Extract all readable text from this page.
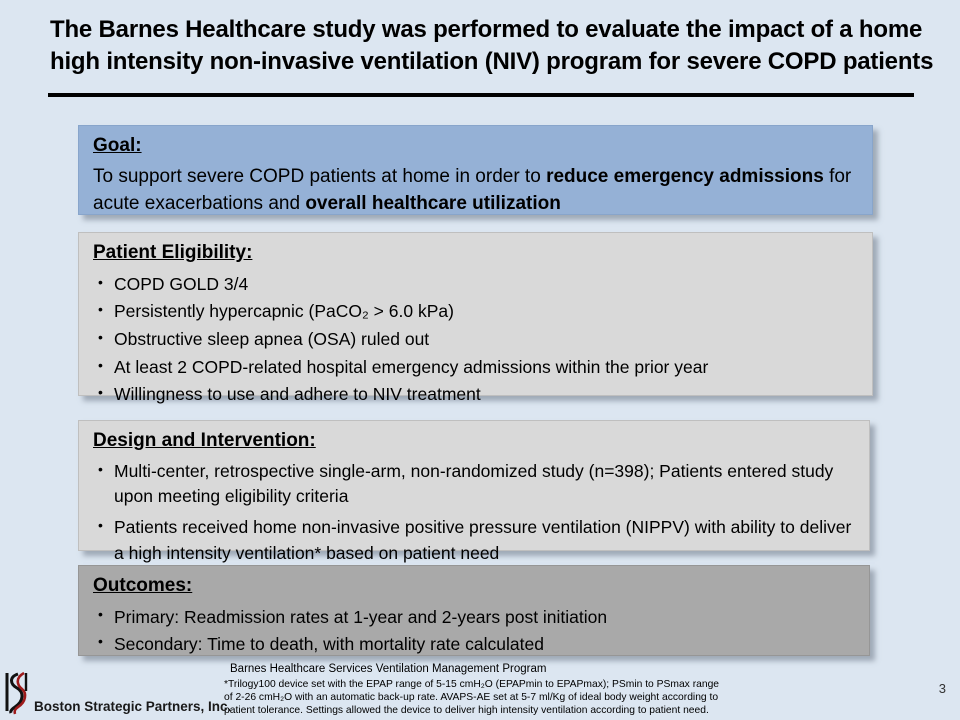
The Barnes Healthcare study was performed to evaluate the impact of a home high intensity non-invasive ventilation (NIV) program for severe COPD patients
Goal:
To support severe COPD patients at home in order to reduce emergency admissions for acute exacerbations and overall healthcare utilization
Patient Eligibility:
• COPD GOLD 3/4
• Persistently hypercapnic (PaCO₂ > 6.0 kPa)
• Obstructive sleep apnea (OSA) ruled out
• At least 2 COPD-related hospital emergency admissions within the prior year
• Willingness to use and adhere to NIV treatment
Design and Intervention:
• Multi-center, retrospective single-arm, non-randomized study (n=398); Patients entered study upon meeting eligibility criteria
• Patients received home non-invasive positive pressure ventilation (NIPPV) with ability to deliver a high intensity ventilation* based on patient need
Outcomes:
• Primary: Readmission rates at 1-year and 2-years post initiation
• Secondary: Time to death, with mortality rate calculated
Barnes Healthcare Services Ventilation Management Program
*Trilogy100 device set with the EPAP range of 5-15 cmH₂O (EPAPmin to EPAPmax); PSmin to PSmax range
of 2-26 cmH₂O with an automatic back-up rate. AVAPS-AE set at 5-7 ml/Kg of ideal body weight according to
patient tolerance. Settings allowed the device to deliver high intensity ventilation according to patient need.
Boston Strategic Partners, Inc.
3
